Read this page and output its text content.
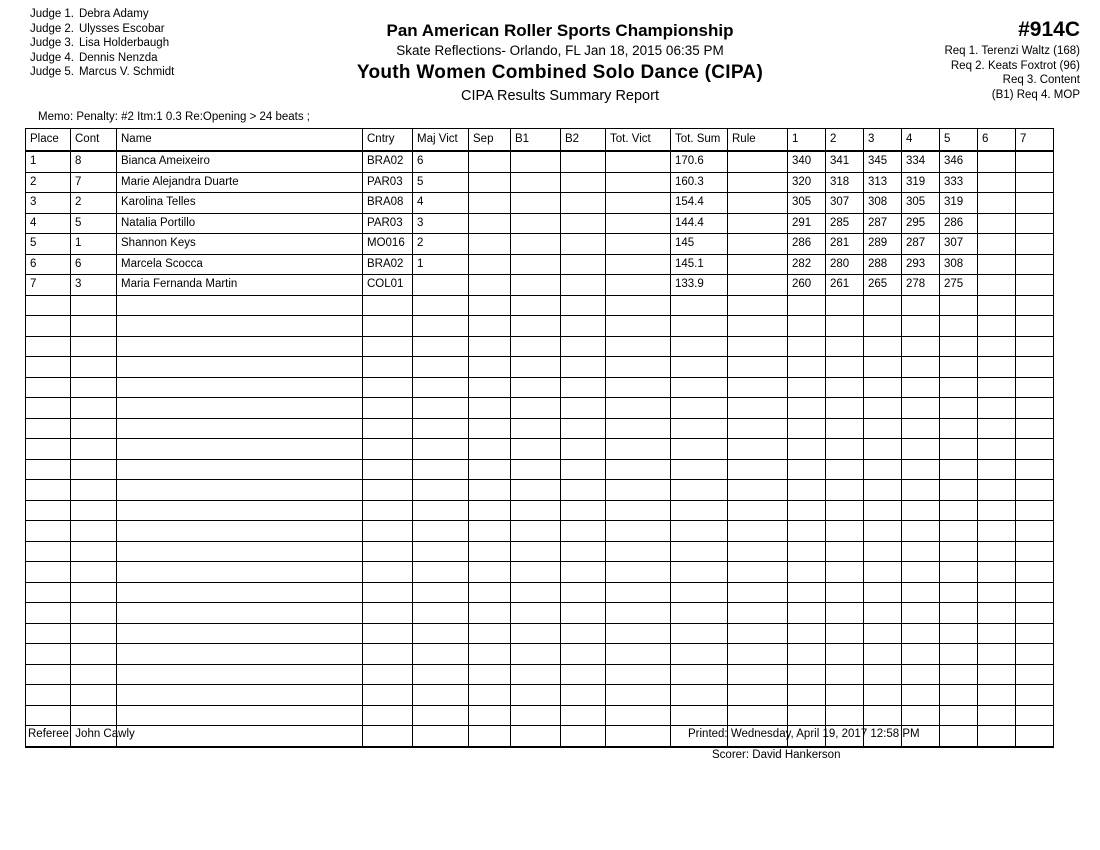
Judge 1. Debra Adamy
Judge 2. Ulysses Escobar
Judge 3. Lisa Holderbaugh
Judge 4. Dennis Nenzda
Judge 5. Marcus V. Schmidt
Pan American Roller Sports Championship
Skate Reflections- Orlando, FL Jan 18, 2015 06:35 PM
Youth Women Combined Solo Dance (CIPA)
CIPA Results Summary Report
#914C
Req 1. Terenzi Waltz (168)
Req 2. Keats Foxtrot (96)
Req 3. Content
(B1) Req 4. MOP
Memo: Penalty: #2 Itm:1 0.3 Re:Opening > 24 beats ;
Place	Cont	Name	Cntry	Maj Vict	Sep	B1	B2	Tot. Vict	Tot. Sum	Rule	1	2	3	4	5	6	7
1	8	Bianca Ameixeiro	BRA02	6					170.6		340	341	345	334	346		
2	7	Marie Alejandra Duarte	PAR03	5					160.3		320	318	313	319	333		
3	2	Karolina Telles	BRA08	4					154.4		305	307	308	305	319		
4	5	Natalia Portillo	PAR03	3					144.4		291	285	287	295	286		
5	1	Shannon Keys	MO016	2					145		286	281	289	287	307		
6	6	Marcela Scocca	BRA02	1					145.1		282	280	288	293	308		
7	3	Maria Fernanda Martin	COL01						133.9		260	261	265	278	275		

Referee: John Cawly	Printed: Wednesday, April 19, 2017 12:58 PM
Scorer: David Hankerson
